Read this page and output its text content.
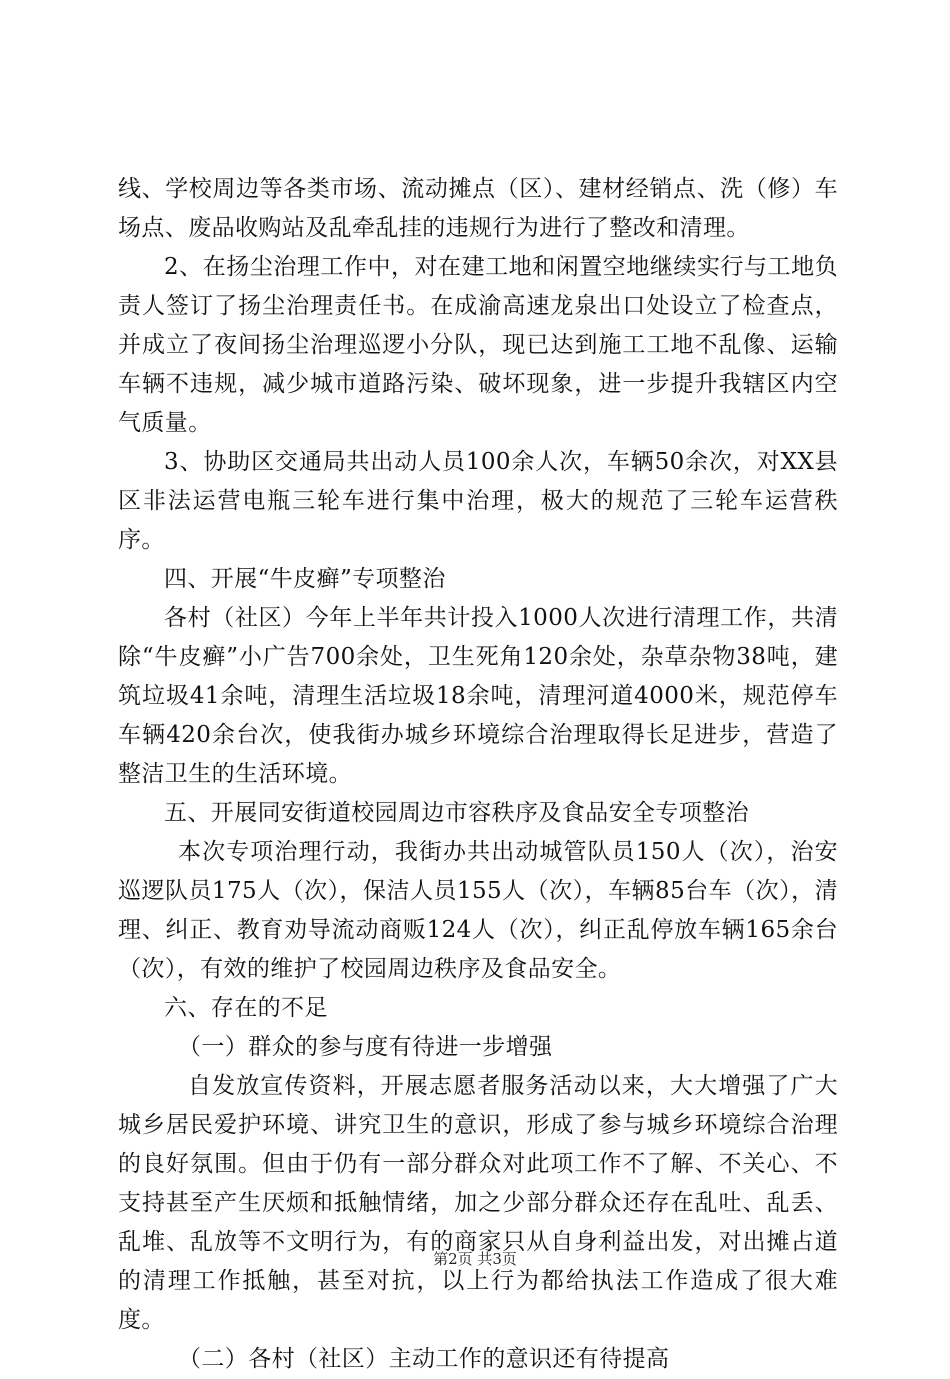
线、学校周边等各类市场、流动摊点（区）、建材经销点、洗（修）车场点、废品收购站及乱牵乱挂的违规行为进行了整改和清理。

2、在扬尘治理工作中，对在建工地和闲置空地继续实行与工地负责人签订了扬尘治理责任书。在成渝高速龙泉出口处设立了检查点，并成立了夜间扬尘治理巡逻小分队，现已达到施工工地不乱像、运输车辆不违规，减少城市道路污染、破坏现象，进一步提升我辖区内空气质量。

3、协助区交通局共出动人员100余人次，车辆50余次，对XX县区非法运营电瓶三轮车进行集中治理，极大的规范了三轮车运营秩序。

四、开展“牛皮癣”专项整治

各村（社区）今年上半年共计投入1000人次进行清理工作，共清除“牛皮癣”小广告700余处，卫生死角120余处，杂草杂物38吨，建筑垃圾41余吨，清理生活垃圾18余吨，清理河道4000米，规范停车车辆420余台次，使我街办城乡环境综合治理取得长足进步，营造了整洁卫生的生活环境。

五、开展同安街道校园周边市容秩序及食品安全专项整治

本次专项治理行动，我街办共出动城管队员150人（次），治安巡逻队员175人（次），保洁人员155人（次），车辆85台车（次），清理、纠正、教育劝导流动商贩124人（次），纠正乱停放车辆165余台（次），有效的维护了校园周边秩序及食品安全。

六、存在的不足

（一）群众的参与度有待进一步增强

自发放宣传资料，开展志愿者服务活动以来，大大增强了广大城乡居民爱护环境、讲究卫生的意识，形成了参与城乡环境综合治理的良好氛围。但由于仍有一部分群众对此项工作不了解、不关心、不支持甚至产生厌烦和抵触情绪，加之少部分群众还存在乱吐、乱丢、乱堆、乱放等不文明行为，有的商家只从自身利益出发，对出摊占道的清理工作抵触，甚至对抗，以上行为都给执法工作造成了很大难度。

（二）各村（社区）主动工作的意识还有待提高

第2页 共3页
